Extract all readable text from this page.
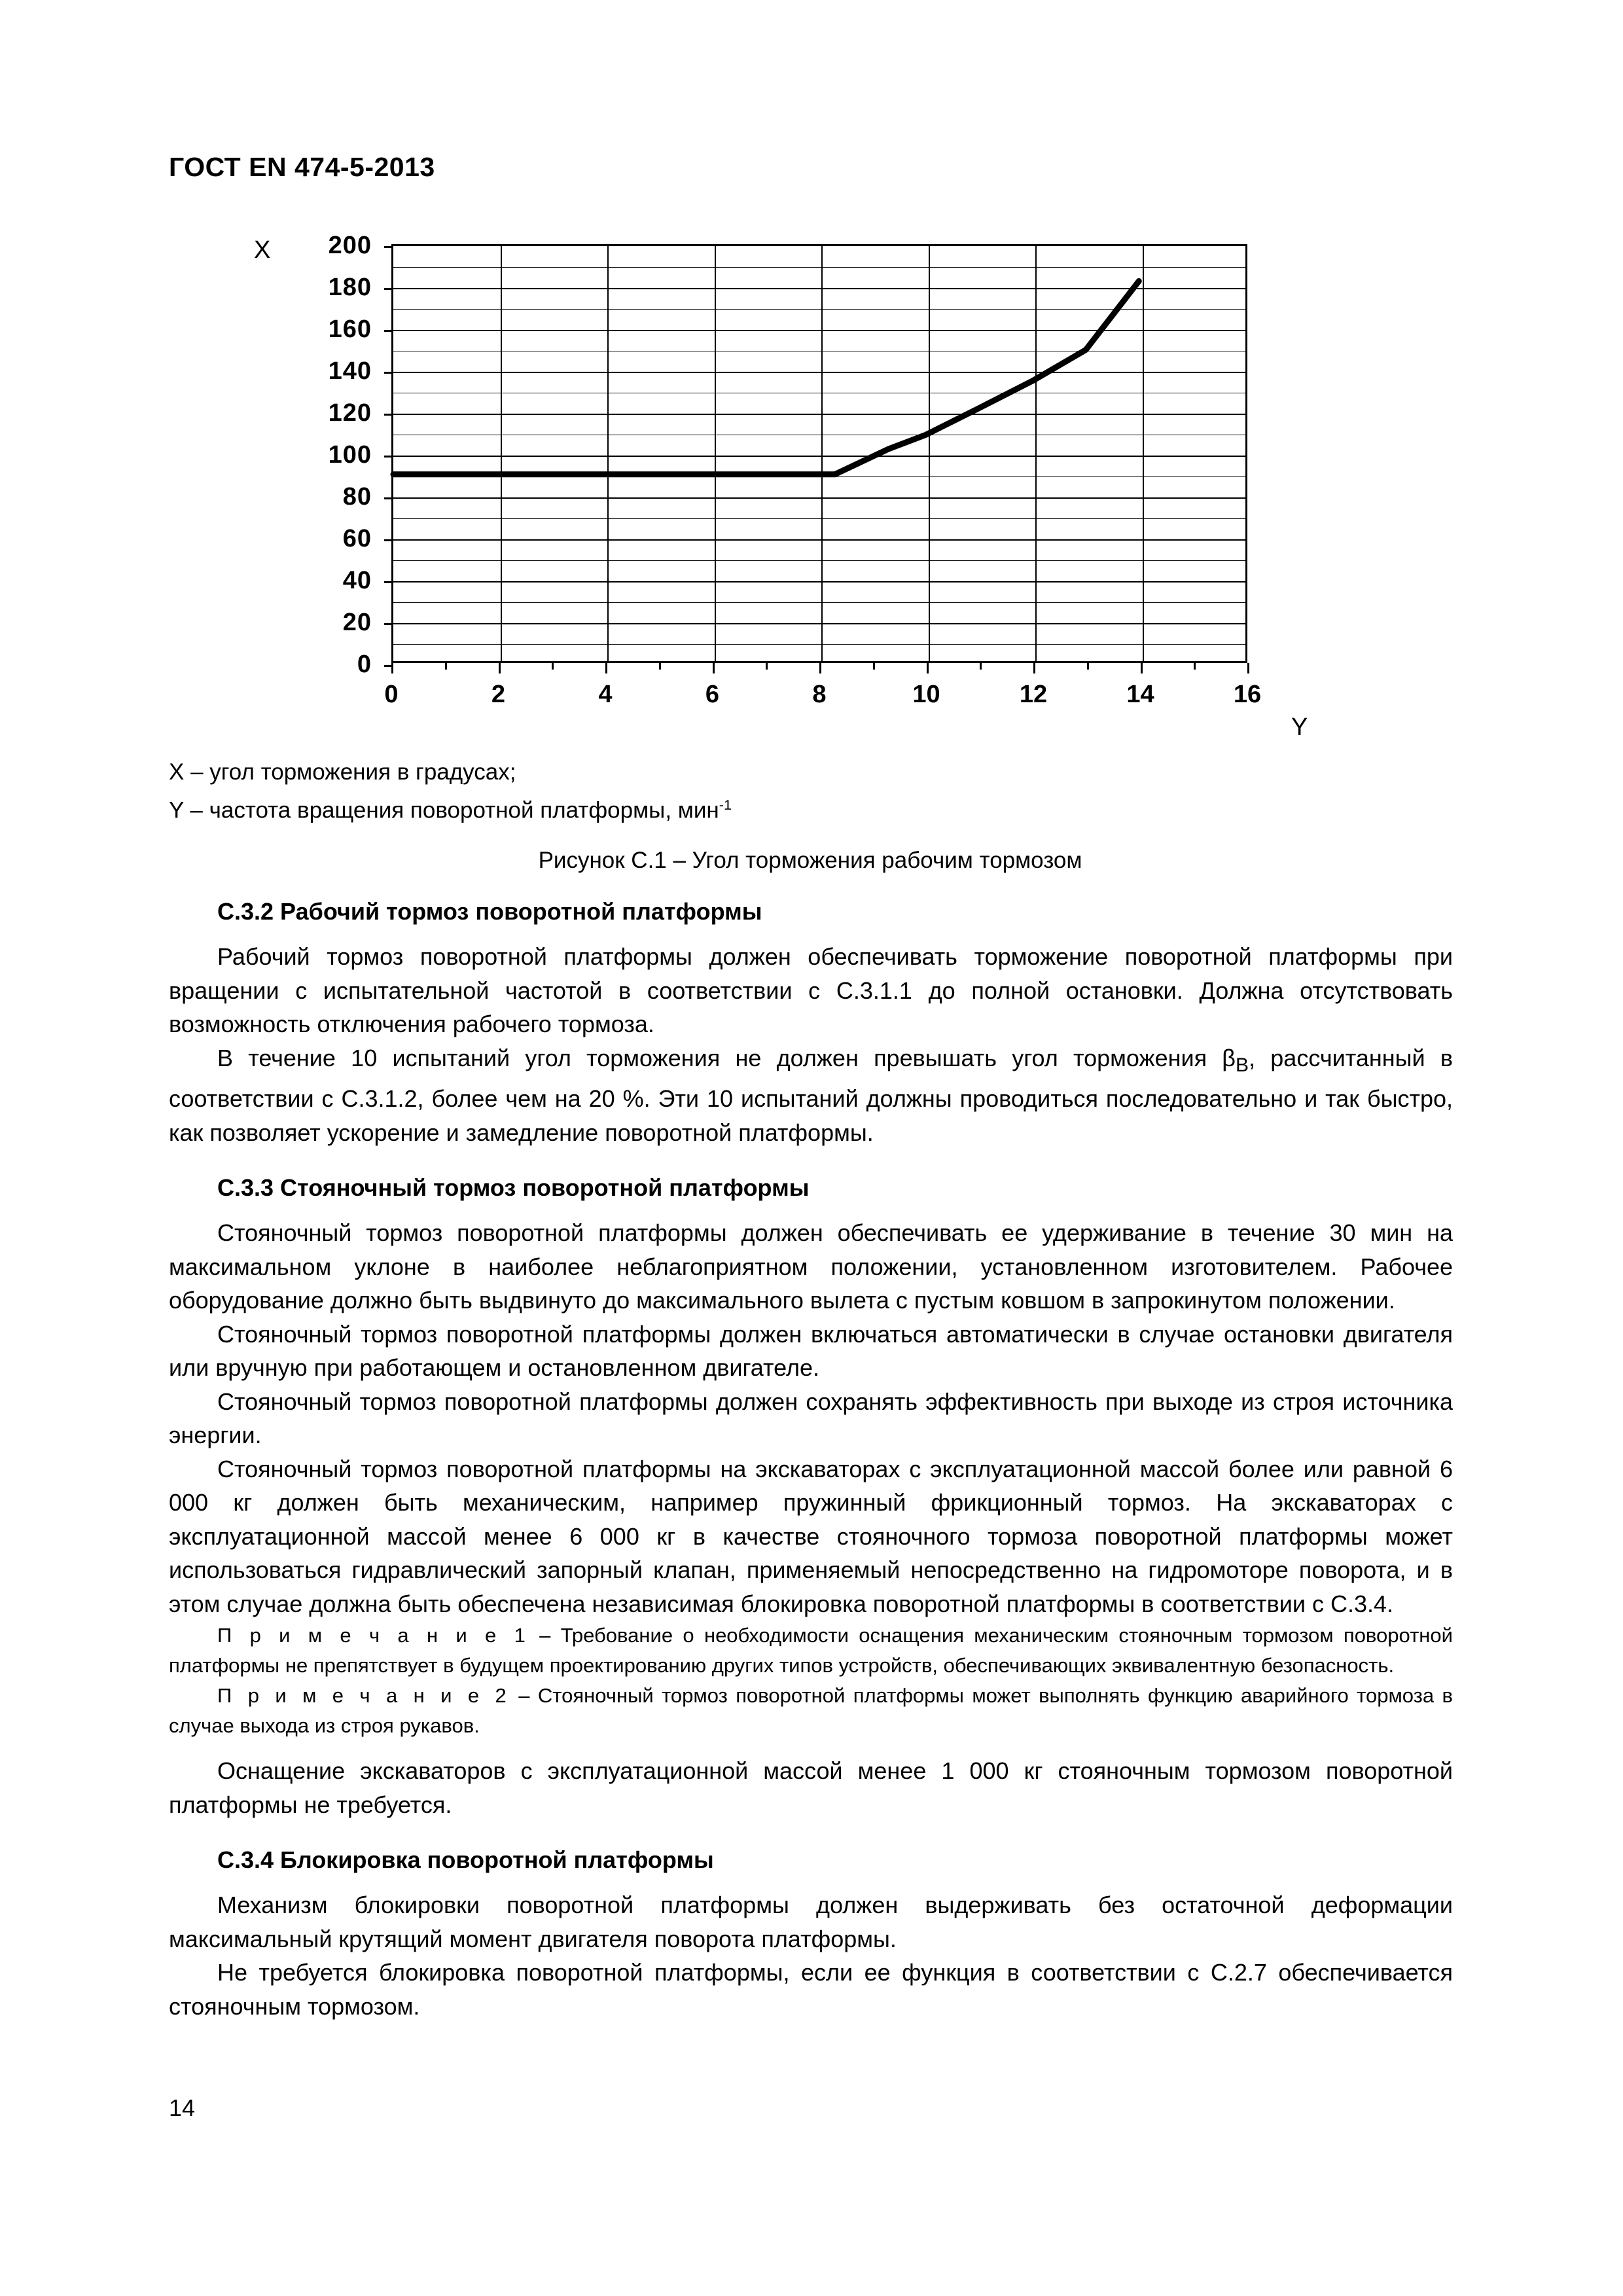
ГОСТ EN 474-5-2013
X
Y
200
180
160
140
120
100
80
60
40
20
0
0	2	4	6	8	10	12	14	16
X – угол торможения в градусах;
Y – частота вращения поворотной платформы, мин$^{-1}$
Рисунок С.1 – Угол торможения рабочим тормозом
С.3.2 Рабочий тормоз поворотной платформы

Рабочий тормоз поворотной платформы должен обеспечивать торможение поворотной платформы при вращении с испытательной частотой в соответствии с С.3.1.1 до полной остановки. Должна отсутствовать возможность отключения рабочего тормоза.

В течение 10 испытаний угол торможения не должен превышать угол торможения $\beta_B$, рассчитанный в соответствии с С.3.1.2, более чем на 20 %. Эти 10 испытаний должны проводиться последовательно и так быстро, как позволяет ускорение и замедление поворотной платформы.

С.3.3 Стояночный тормоз поворотной платформы

Стояночный тормоз поворотной платформы должен обеспечивать ее удерживание в течение 30 мин на максимальном уклоне в наиболее неблагоприятном положении, установленном изготовителем. Рабочее оборудование должно быть выдвинуто до максимального вылета с пустым ковшом в запрокинутом положении.

Стояночный тормоз поворотной платформы должен включаться автоматически в случае остановки двигателя или вручную при работающем и остановленном двигателе.

Стояночный тормоз поворотной платформы должен сохранять эффективность при выходе из строя источника энергии.

Стояночный тормоз поворотной платформы на экскаваторах с эксплуатационной массой более или равной 6 000 кг должен быть механическим, например пружинный фрикционный тормоз. На экскаваторах с эксплуатационной массой менее 6 000 кг в качестве стояночного тормоза поворотной платформы может использоваться гидравлический запорный клапан, применяемый непосредственно на гидромоторе поворота, и в этом случае должна быть обеспечена независимая блокировка поворотной платформы в соответствии с С.3.4.

П р и м е ч а н и е 1 – Требование о необходимости оснащения механическим стояночным тормозом поворотной платформы не препятствует в будущем проектированию других типов устройств, обеспечивающих эквивалентную безопасность.

П р и м е ч а н и е 2 – Стояночный тормоз поворотной платформы может выполнять функцию аварийного тормоза в случае выхода из строя рукавов.

Оснащение экскаваторов с эксплуатационной массой менее 1 000 кг стояночным тормозом поворотной платформы не требуется.

С.3.4 Блокировка поворотной платформы

Механизм блокировки поворотной платформы должен выдерживать без остаточной деформации максимальный крутящий момент двигателя поворота платформы.

Не требуется блокировка поворотной платформы, если ее функция в соответствии с С.2.7 обеспечивается стояночным тормозом.

14
